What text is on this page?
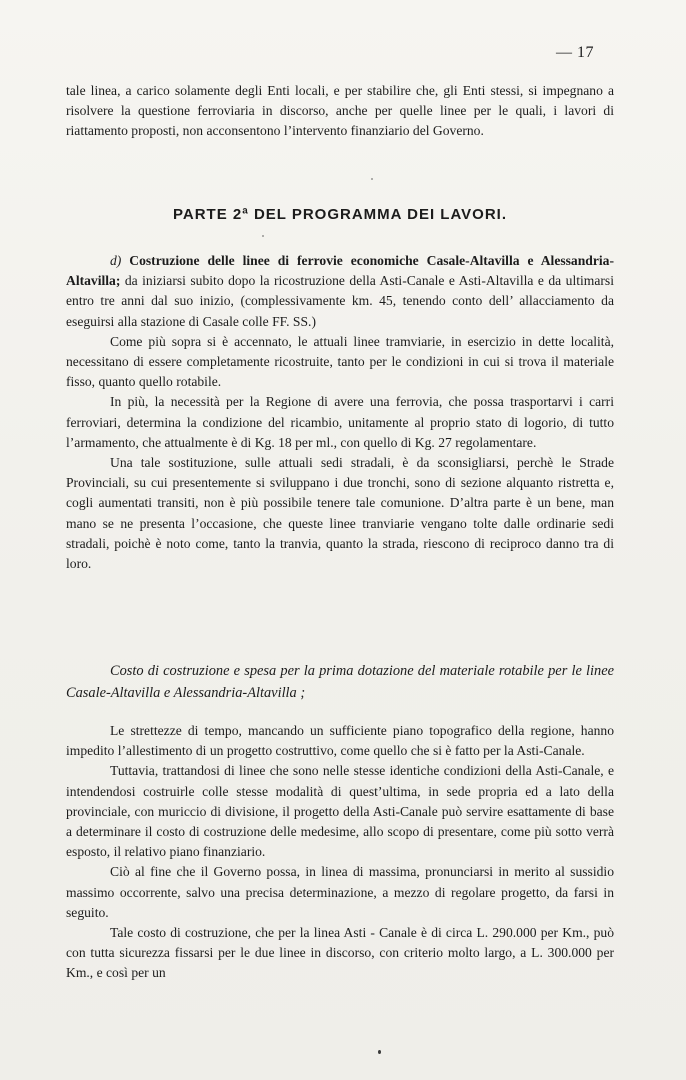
— 17

tale linea, a carico solamente degli Enti locali, e per stabilire che, gli Enti stessi, si impegnano a risolvere la questione ferroviaria in discorso, anche per quelle linee per le quali, i lavori di riattamento proposti, non acconsentono l’intervento finanziario del Governo.

PARTE 2ª DEL PROGRAMMA DEI LAVORI.

d) Costruzione delle linee di ferrovie economiche Casale-Altavilla e Alessandria-Altavilla; da iniziarsi subito dopo la ricostruzione della Asti-Canale e Asti-Altavilla e da ultimarsi entro tre anni dal suo inizio, (complessivamente km. 45, tenendo conto dell’ allacciamento da eseguirsi alla stazione di Casale colle FF. SS.)

Come più sopra si è accennato, le attuali linee tramviarie, in esercizio in dette località, necessitano di essere completamente ricostruite, tanto per le condizioni in cui si trova il materiale fisso, quanto quello rotabile.

In più, la necessità per la Regione di avere una ferrovia, che possa trasportarvi i carri ferroviari, determina la condizione del ricambio, unitamente al proprio stato di logorio, di tutto l’armamento, che attualmente è di Kg. 18 per ml., con quello di Kg. 27 regolamentare.

Una tale sostituzione, sulle attuali sedi stradali, è da sconsigliarsi, perchè le Strade Provinciali, su cui presentemente si sviluppano i due tronchi, sono di sezione alquanto ristretta e, cogli aumentati transiti, non è più possibile tenere tale comunione. D’altra parte è un bene, man mano se ne presenta l’occasione, che queste linee tranviarie vengano tolte dalle ordinarie sedi stradali, poichè è noto come, tanto la tranvia, quanto la strada, riescono di reciproco danno tra di loro.

Costo di costruzione e spesa per la prima dotazione del materiale rotabile per le linee Casale-Altavilla e Alessandria-Altavilla ;

Le strettezze di tempo, mancando un sufficiente piano topografico della regione, hanno impedito l’allestimento di un progetto costruttivo, come quello che si è fatto per la Asti-Canale.

Tuttavia, trattandosi di linee che sono nelle stesse identiche condizioni della Asti-Canale, e intendendosi costruirle colle stesse modalità di quest’ultima, in sede propria ed a lato della provinciale, con muriccio di divisione, il progetto della Asti-Canale può servire esattamente di base a determinare il costo di costruzione delle medesime, allo scopo di presentare, come più sotto verrà esposto, il relativo piano finanziario.

Ciò al fine che il Governo possa, in linea di massima, pronunciarsi in merito al sussidio massimo occorrente, salvo una precisa determinazione, a mezzo di regolare progetto, da farsi in seguito.

Tale costo di costruzione, che per la linea Asti - Canale è di circa L. 290.000 per Km., può con tutta sicurezza fissarsi per le due linee in discorso, con criterio molto largo, a L. 300.000 per Km., e così per un
